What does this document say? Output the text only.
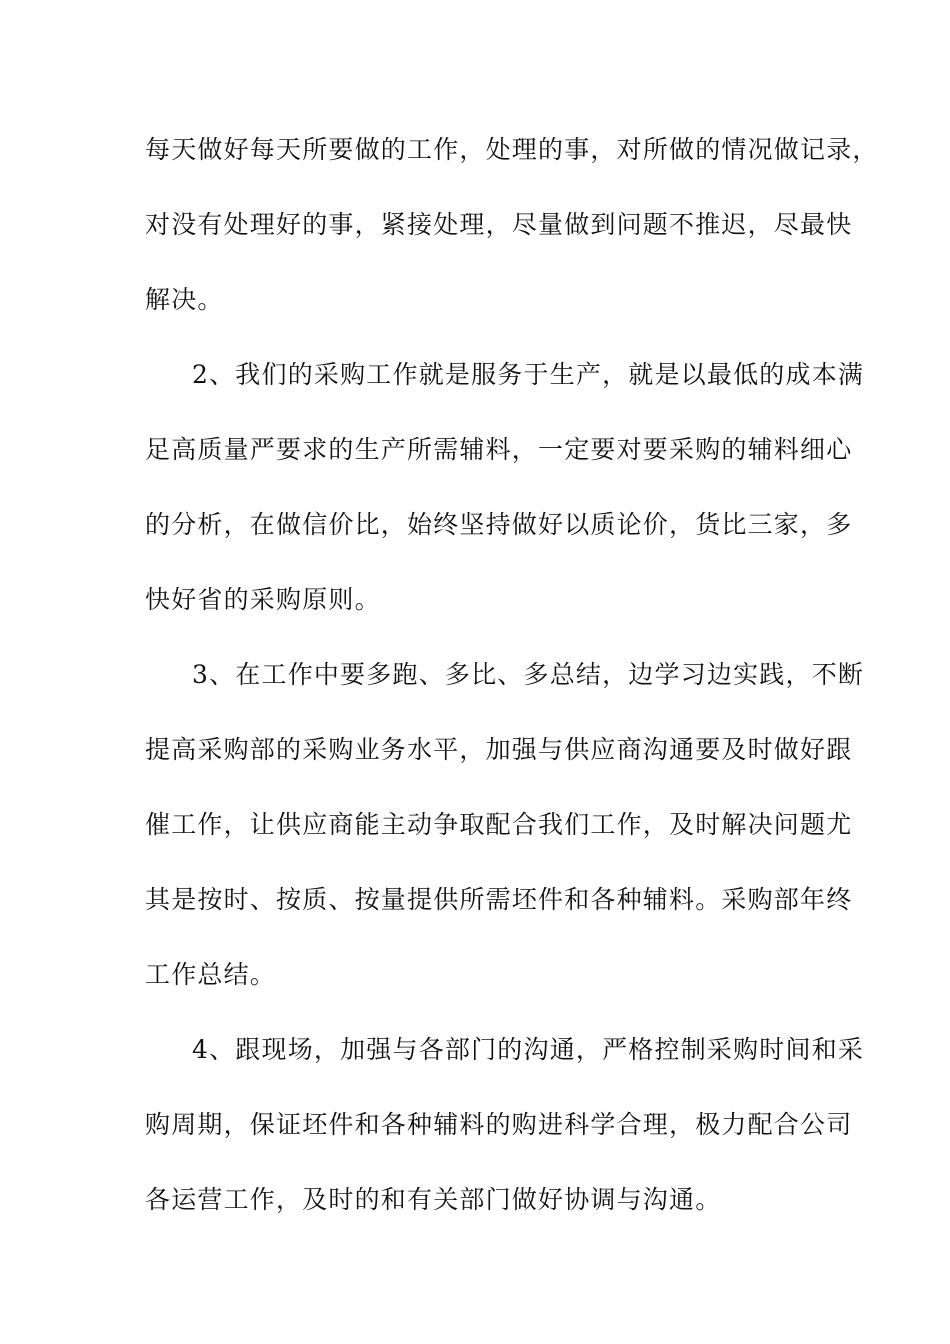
每天做好每天所要做的工作，处理的事，对所做的情况做记录，
对没有处理好的事，紧接处理，尽量做到问题不推迟，尽最快
解决。
2、我们的采购工作就是服务于生产，就是以最低的成本满
足高质量严要求的生产所需辅料，一定要对要采购的辅料细心
的分析，在做信价比，始终坚持做好以质论价，货比三家，多
快好省的采购原则。
3、在工作中要多跑、多比、多总结，边学习边实践，不断
提高采购部的采购业务水平，加强与供应商沟通要及时做好跟
催工作，让供应商能主动争取配合我们工作，及时解决问题尤
其是按时、按质、按量提供所需坯件和各种辅料。采购部年终
工作总结。
4、跟现场，加强与各部门的沟通，严格控制采购时间和采
购周期，保证坯件和各种辅料的购进科学合理，极力配合公司
各运营工作，及时的和有关部门做好协调与沟通。
